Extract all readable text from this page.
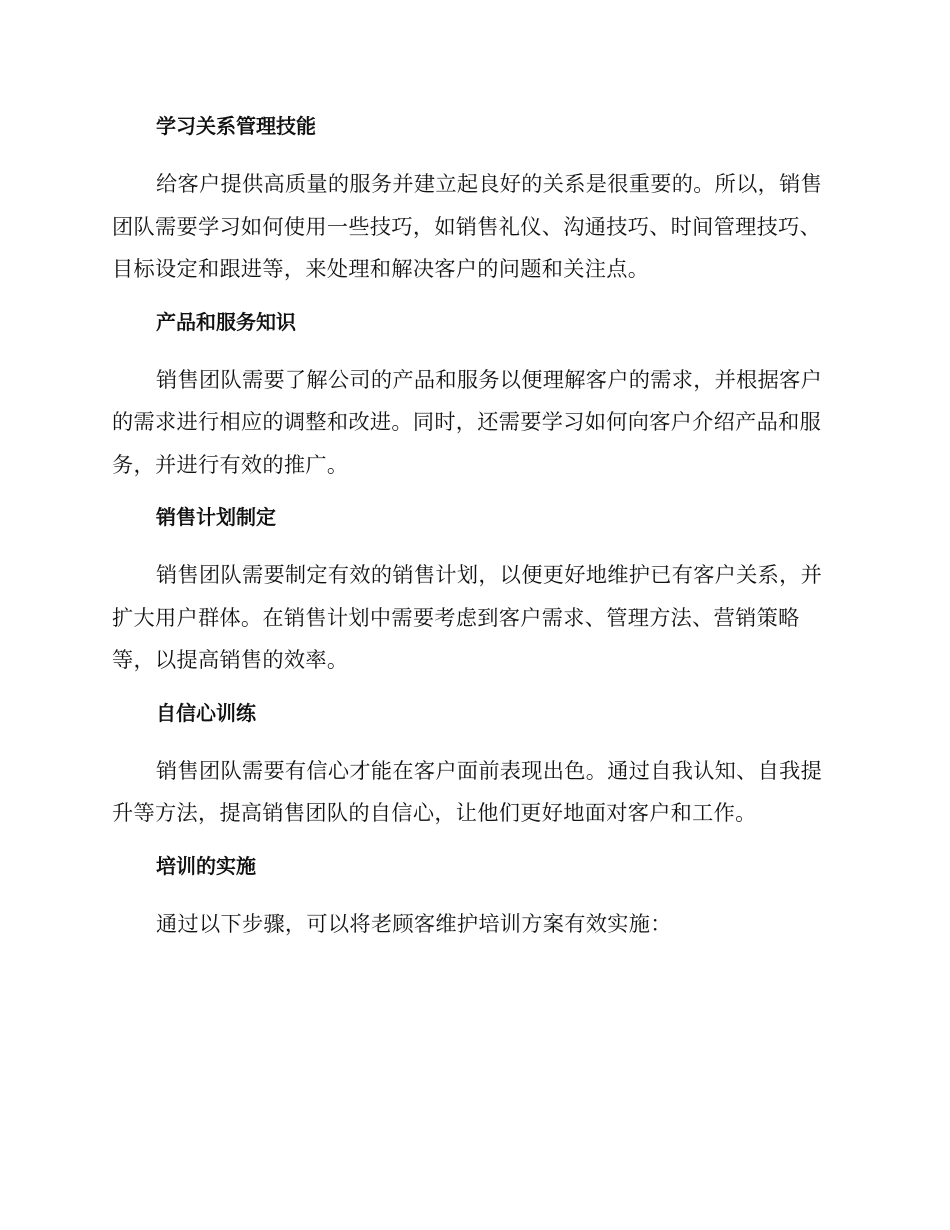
学习关系管理技能

给客户提供高质量的服务并建立起良好的关系是很重要的。所以，销售团队需要学习如何使用一些技巧，如销售礼仪、沟通技巧、时间管理技巧、目标设定和跟进等，来处理和解决客户的问题和关注点。

产品和服务知识

销售团队需要了解公司的产品和服务以便理解客户的需求，并根据客户的需求进行相应的调整和改进。同时，还需要学习如何向客户介绍产品和服务，并进行有效的推广。

销售计划制定

销售团队需要制定有效的销售计划，以便更好地维护已有客户关系，并扩大用户群体。在销售计划中需要考虑到客户需求、管理方法、营销策略等，以提高销售的效率。

自信心训练

销售团队需要有信心才能在客户面前表现出色。通过自我认知、自我提升等方法，提高销售团队的自信心，让他们更好地面对客户和工作。

培训的实施

通过以下步骤，可以将老顾客维护培训方案有效实施：
